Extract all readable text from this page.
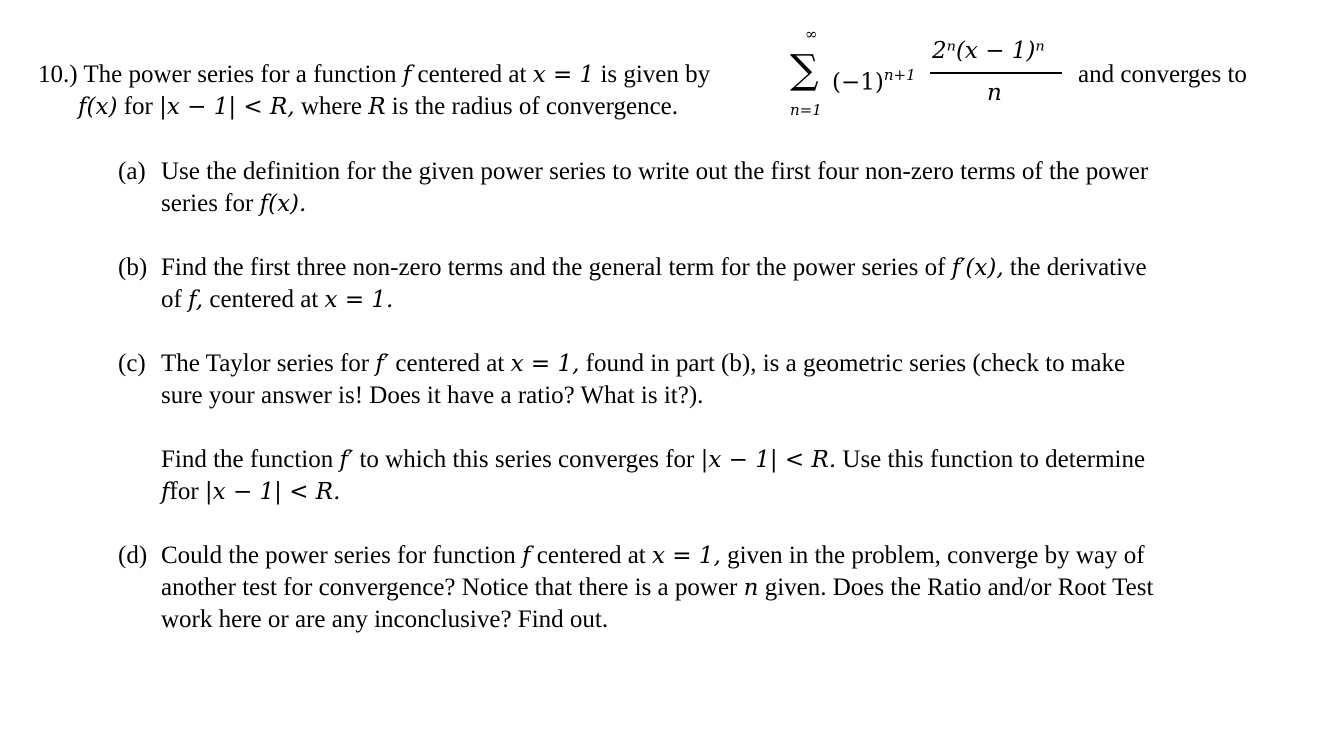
10.) The power series for a function f centered at x = 1 is given by
∞
∑
n=1
$(-1)^{n+1}$
2ⁿ(x − 1)ⁿ
n
and converges to
f(x) for |x − 1| < R, where R is the radius of convergence.
(a) Use the definition for the given power series to write out the first four non-zero terms of the power
series for f(x).
(b) Find the first three non-zero terms and the general term for the power series of f′(x), the derivative
of f, centered at x = 1.
(c) The Taylor series for f′ centered at x = 1, found in part (b), is a geometric series (check to make
sure your answer is! Does it have a ratio? What is it?).
Find the function f′ to which this series converges for |x − 1| < R. Use this function to determine
ffor |x − 1| < R.
(d) Could the power series for function f centered at x = 1, given in the problem, converge by way of
another test for convergence? Notice that there is a power n given. Does the Ratio and/or Root Test
work here or are any inconclusive? Find out.
